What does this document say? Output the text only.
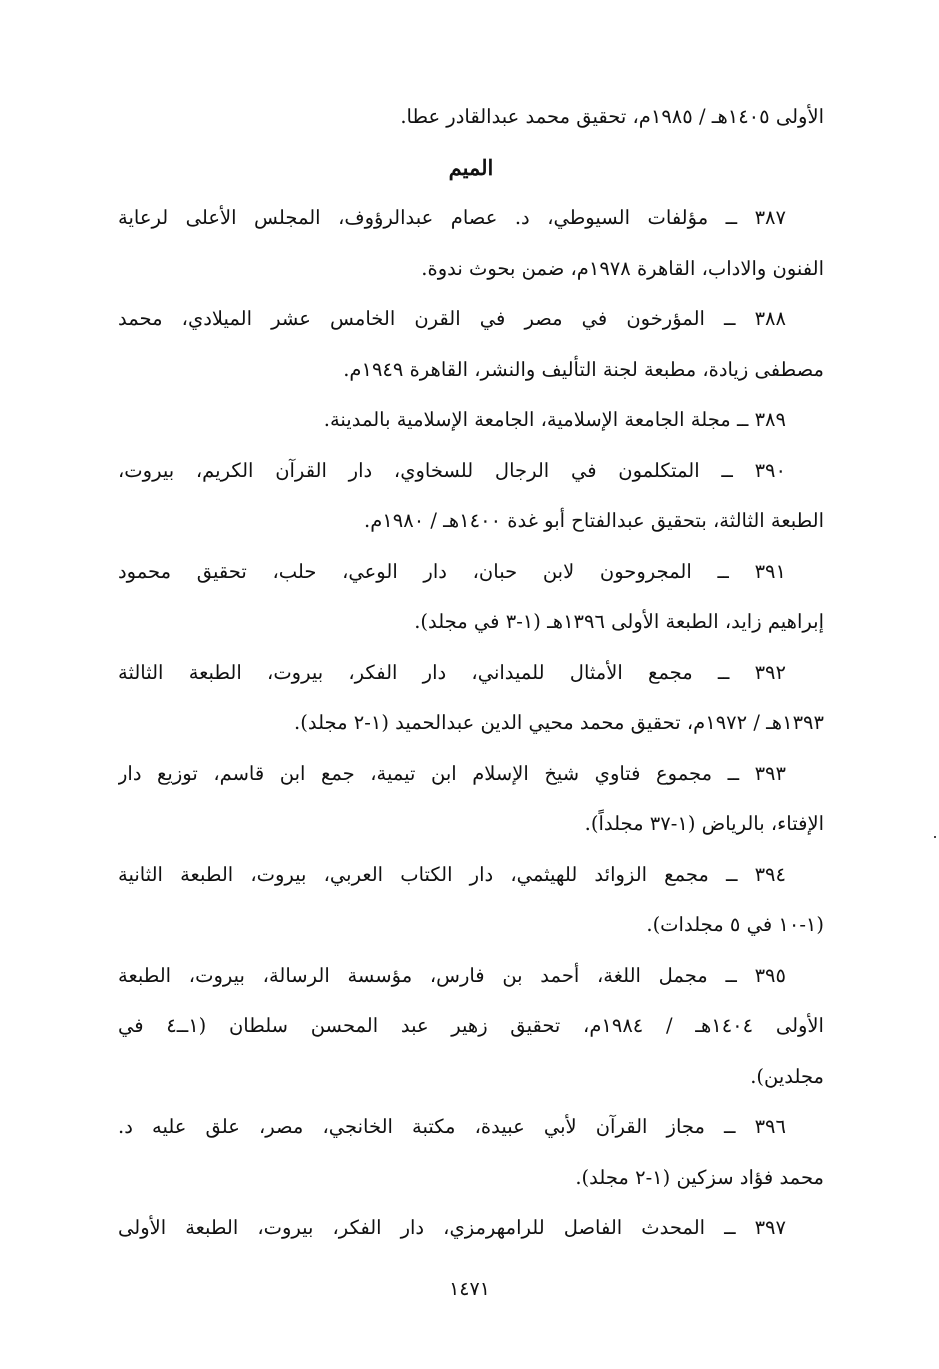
الأولى ١٤٠٥هـ / ١٩٨٥م، تحقيق محمد عبدالقادر عطا.
الميم
٣٨٧ ــ مؤلفات السيوطي، د. عصام عبدالرؤوف، المجلس الأعلى لرعاية
الفنون والاداب، القاهرة ١٩٧٨م، ضمن بحوث ندوة.
٣٨٨ ــ المؤرخون في مصر في القرن الخامس عشر الميلادي، محمد
مصطفى زيادة، مطبعة لجنة التأليف والنشر، القاهرة ١٩٤٩م.
٣٨٩ ــ مجلة الجامعة الإسلامية، الجامعة الإسلامية بالمدينة.
٣٩٠ ــ المتكلمون في الرجال للسخاوي، دار القرآن الكريم، بيروت،
الطبعة الثالثة، بتحقيق عبدالفتاح أبو غدة ١٤٠٠هـ / ١٩٨٠م.
٣٩١ ــ المجروحون لابن حبان، دار الوعي، حلب، تحقيق محمود
إبراهيم زايد، الطبعة الأولى ١٣٩٦هـ (١-٣ في مجلد).
٣٩٢ ــ مجمع الأمثال للميداني، دار الفكر، بيروت، الطبعة الثالثة
١٣٩٣هـ / ١٩٧٢م، تحقيق محمد محيي الدين عبدالحميد (١-٢ مجلد).
٣٩٣ ــ مجموع فتاوي شيخ الإسلام ابن تيمية، جمع ابن قاسم، توزيع دار
الإفتاء، بالرياض (١-٣٧ مجلداً).
٣٩٤ ــ مجمع الزوائد للهيثمي، دار الكتاب العربي، بيروت، الطبعة الثانية
(١-١٠ في ٥ مجلدات).
٣٩٥ ــ مجمل اللغة، أحمد بن فارس، مؤسسة الرسالة، بيروت، الطبعة
الأولى ١٤٠٤هـ / ١٩٨٤م، تحقيق زهير عبد المحسن سلطان (١ــ٤ في
مجلدين).
٣٩٦ ــ مجاز القرآن لأبي عبيدة، مكتبة الخانجي، مصر، علق عليه د.
محمد فؤاد سزكين (١-٢ مجلد).
٣٩٧ ــ المحدث الفاصل للرامهرمزي، دار الفكر، بيروت، الطبعة الأولى
١٤٧١
